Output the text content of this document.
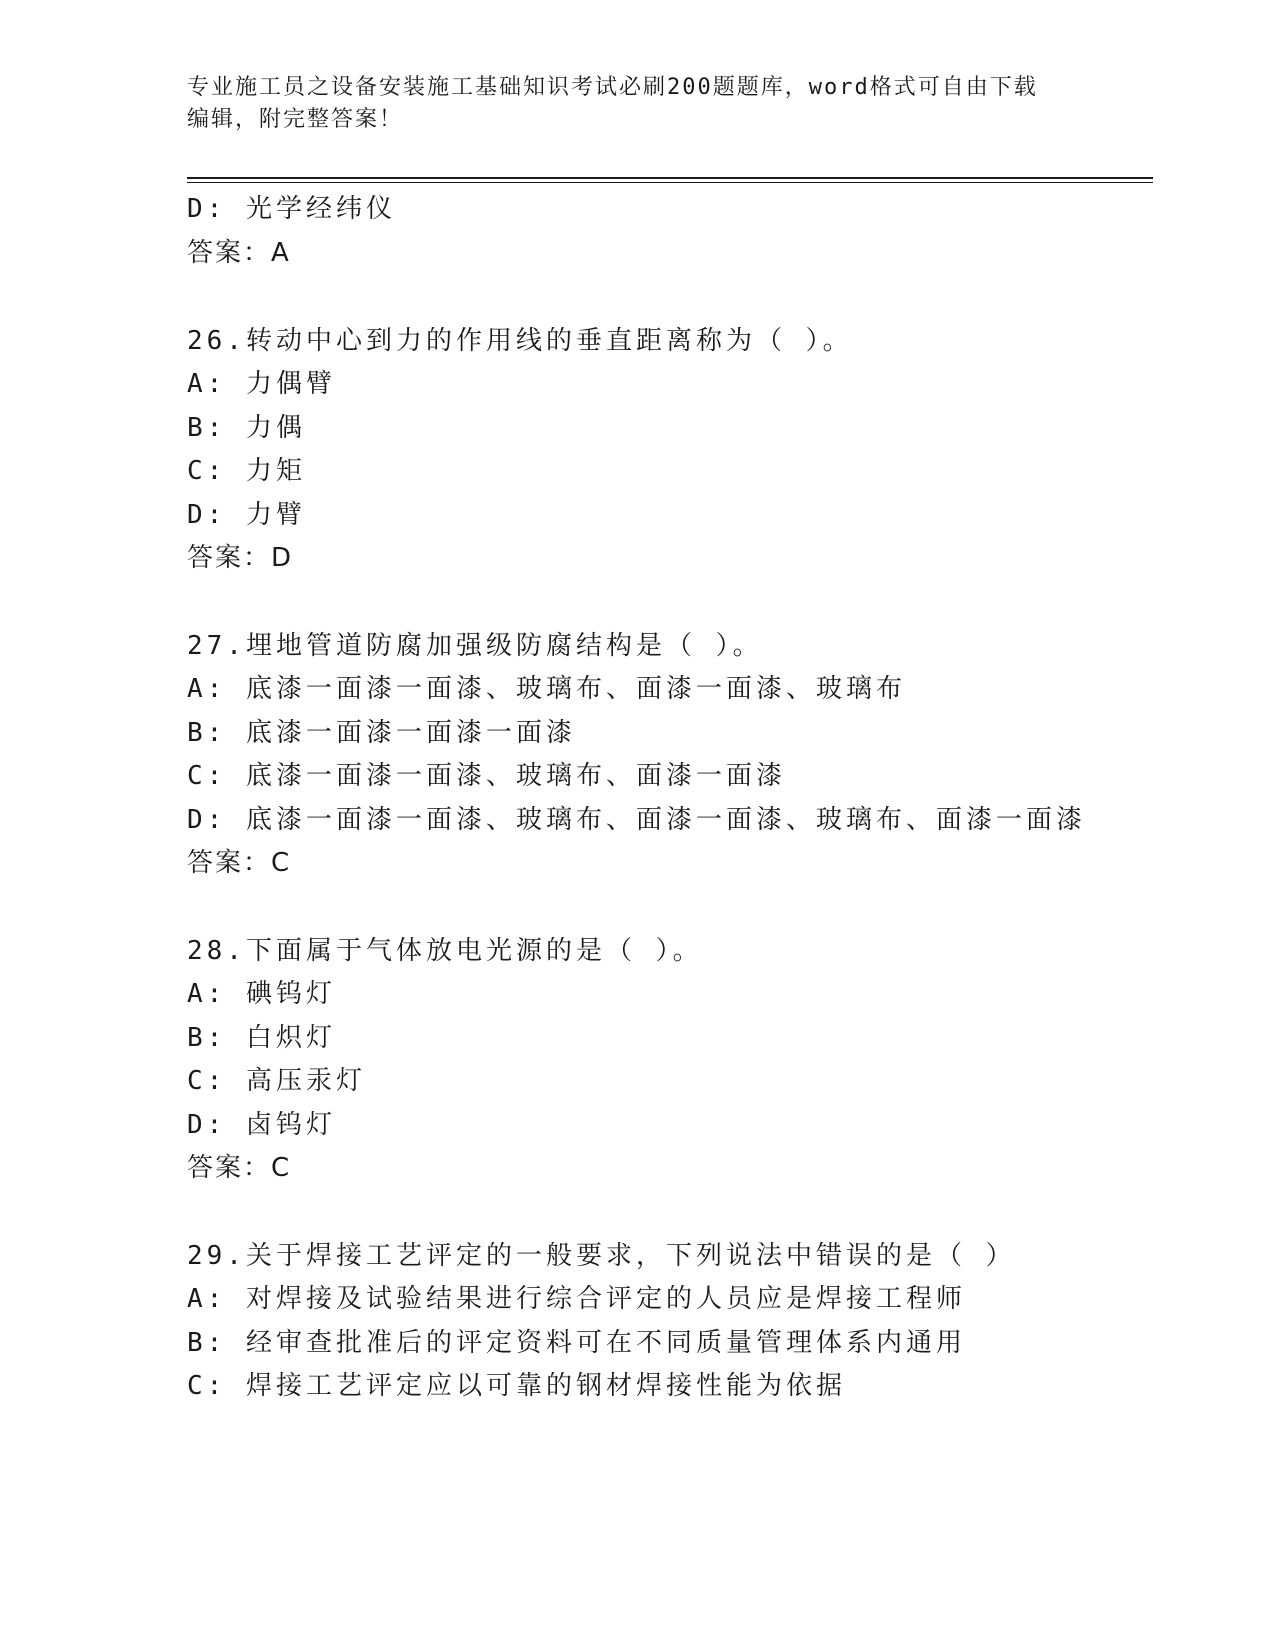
专业施工员之设备安装施工基础知识考试必刷200题题库，word格式可自由下载
编辑，附完整答案！
D: 光学经纬仪
答案：A
26.转动中心到力的作用线的垂直距离称为（ ）。
A: 力偶臂
B: 力偶
C: 力矩
D: 力臂
答案：D
27.埋地管道防腐加强级防腐结构是（ ）。
A: 底漆一面漆一面漆、玻璃布、面漆一面漆、玻璃布
B: 底漆一面漆一面漆一面漆
C: 底漆一面漆一面漆、玻璃布、面漆一面漆
D: 底漆一面漆一面漆、玻璃布、面漆一面漆、玻璃布、面漆一面漆
答案：C
28.下面属于气体放电光源的是（ ）。
A: 碘钨灯
B: 白炽灯
C: 高压汞灯
D: 卤钨灯
答案：C
29.关于焊接工艺评定的一般要求，下列说法中错误的是（ ）
A: 对焊接及试验结果进行综合评定的人员应是焊接工程师
B: 经审查批准后的评定资料可在不同质量管理体系内通用
C: 焊接工艺评定应以可靠的钢材焊接性能为依据
